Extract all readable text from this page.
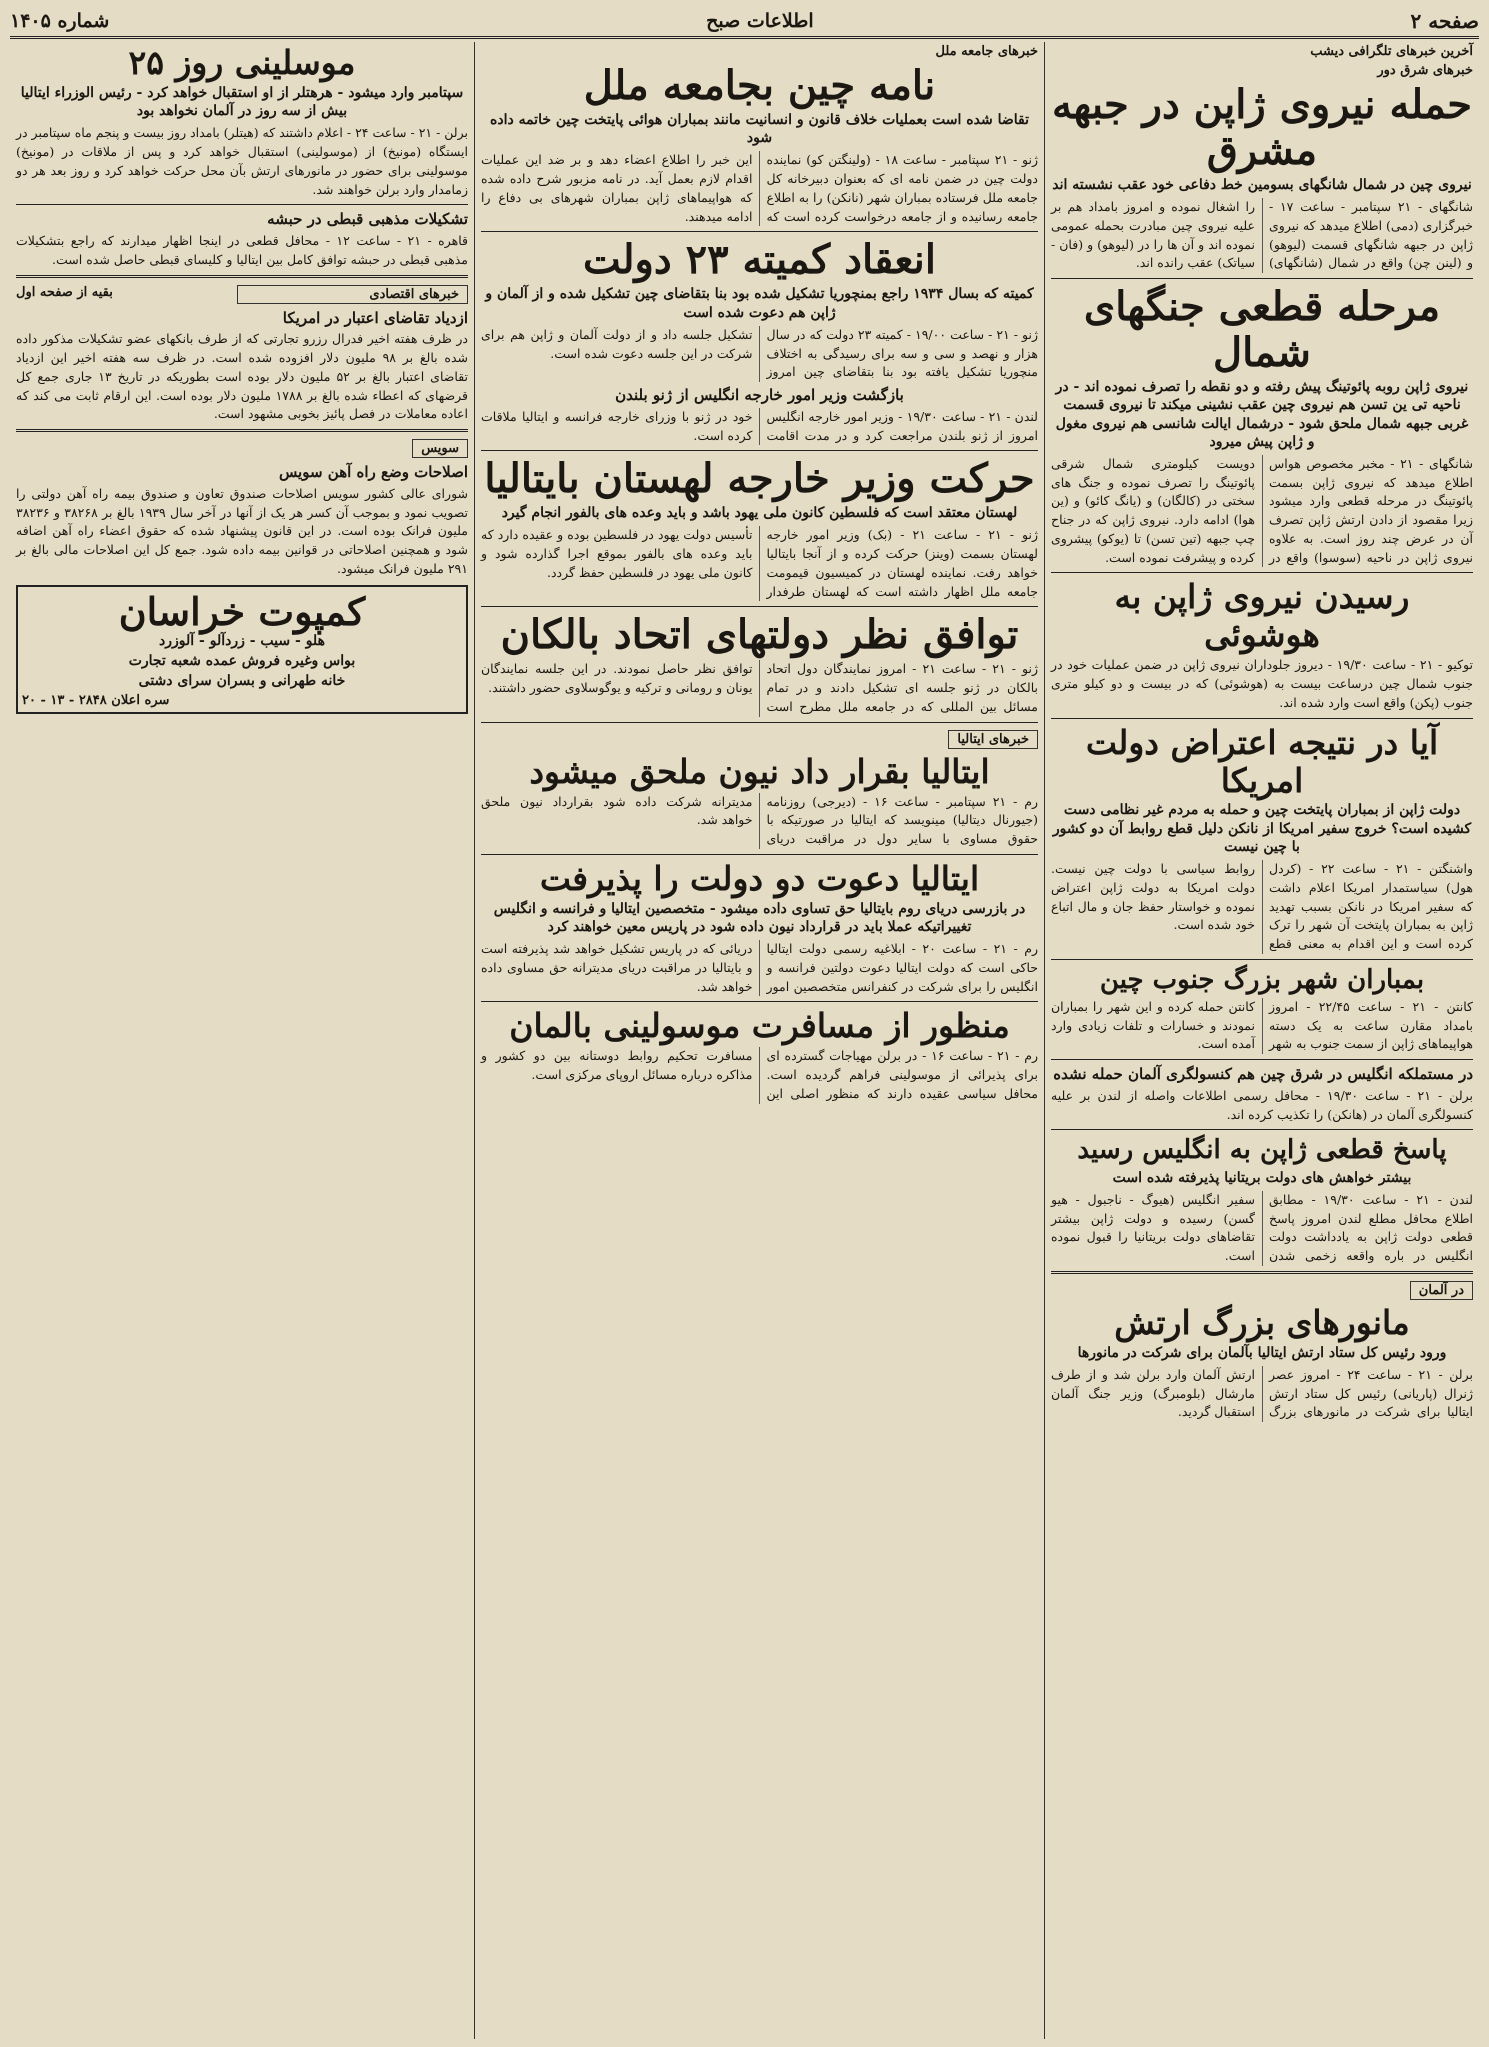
صفحه ۲
اطلاعات صبح
شماره ۱۴۰۵
آخرین خبرهای تلگرافی دیشب
خبرهای شرق دور
حمله نیروی ژاپن در جبهه مشرق
نیروی چین در شمال شانگهای بسومین خط دفاعی خود عقب نشسته اند
شانگهای - ۲۱ سپتامبر - ساعت ۱۷ - خبرگزاری (دمی) اطلاع میدهد که نیروی ژاپن در جبهه شانگهای قسمت (لیوهو) و (لینن چن) واقع در شمال (شانگهای) را اشغال نموده و امروز بامداد هم بر علیه نیروی چین مبادرت بحمله عمومی نموده اند و آن ها را در (لیوهو) و (فان - سیاتک) عقب رانده اند.
مرحله قطعی جنگهای شمال
نیروی ژاپن روبه پائوتینگ پیش رفته و دو نقطه را تصرف نموده اند - در ناحیه تی ین تسن هم نیروی چین عقب نشینی میکند تا نیروی قسمت غربی جبهه شمال ملحق شود - درشمال ایالت شانسی هم نیروی مغول و ژاپن پیش میرود
شانگهای - ۲۱ - مخبر مخصوص هواس اطلاع میدهد که نیروی ژاپن بسمت پائوتینگ در مرحله قطعی وارد میشود زیرا مقصود از دادن ارتش ژاپن تصرف آن در عرض چند روز است. به علاوه نیروی ژاپن در ناحیه (سوسوا) واقع در دویست کیلومتری شمال شرقی پائوتینگ را تصرف نموده و جنگ های سختی در (کالگان) و (یانگ کائو) و (ین هوا) ادامه دارد. نیروی ژاپن که در جناح چپ جبهه (تین تسن) تا (یوکو) پیشروی کرده و پیشرفت نموده است.
رسیدن نیروی ژاپن به هوشوئی
توکیو - ۲۱ - ساعت ۱۹/۳۰ - دیروز جلوداران نیروی ژاپن در ضمن عملیات خود در جنوب شمال چین درساعت بیست به (هوشوئی) که در بیست و دو کیلو متری جنوب (پکن) واقع است وارد شده اند.
آیا در نتیجه اعتراض دولت امریکا
دولت ژاپن از بمباران پایتخت چین و حمله به مردم غیر نظامی دست کشیده است؟ خروج سفیر امریکا از نانکن دلیل قطع روابط آن دو کشور با چین نیست
واشنگتن - ۲۱ - ساعت ۲۲ - (کردل هول) سیاستمدار امریکا اعلام داشت که سفیر امریکا در نانکن بسبب تهدید ژاپن به بمباران پایتخت آن شهر را ترک کرده است و این اقدام به معنی قطع روابط سیاسی با دولت چین نیست. دولت امریکا به دولت ژاپن اعتراض نموده و خواستار حفظ جان و مال اتباع خود شده است.
بمباران شهر بزرگ جنوب چین
کانتن - ۲۱ - ساعت ۲۲/۴۵ - امروز بامداد مقارن ساعت به یک دسته هواپیماهای ژاپن از سمت جنوب به شهر کانتن حمله کرده و این شهر را بمباران نمودند و خسارات و تلفات زیادی وارد آمده است.
در مستملکه انگلیس در شرق چین هم کنسولگری آلمان حمله نشده
برلن - ۲۱ - ساعت ۱۹/۳۰ - محافل رسمی اطلاعات واصله از لندن بر علیه کنسولگری آلمان در (هانکن) را تکذیب کرده اند.
پاسخ قطعی ژاپن به انگلیس رسید
بیشتر خواهش های دولت بریتانیا پذیرفته شده است
لندن - ۲۱ - ساعت ۱۹/۳۰ - مطابق اطلاع محافل مطلع لندن امروز پاسخ قطعی دولت ژاپن به یادداشت دولت انگلیس در باره واقعه زخمی شدن سفیر انگلیس (هیوگ - ناجبول - هیو گسن) رسیده و دولت ژاپن بیشتر تقاضاهای دولت بریتانیا را قبول نموده است.
در آلمان
مانورهای بزرگ ارتش
ورود رئیس کل ستاد ارتش ایتالیا بآلمان برای شرکت در مانورها
برلن - ۲۱ - ساعت ۲۴ - امروز عصر ژنرال (پاریانی) رئیس کل ستاد ارتش ایتالیا برای شرکت در مانورهای بزرگ ارتش آلمان وارد برلن شد و از طرف مارشال (بلومبرگ) وزیر جنگ آلمان استقبال گردید.
خبرهای جامعه ملل
نامه چین بجامعه ملل
تقاضا شده است بعملیات خلاف قانون و انسانیت مانند بمباران هوائی پایتخت چین خاتمه داده شود
ژنو - ۲۱ سپتامبر - ساعت ۱۸ - (ولینگتن کو) نماینده دولت چین در ضمن نامه ای که بعنوان دبیرخانه کل جامعه ملل فرستاده بمباران شهر (نانکن) را به اطلاع جامعه رسانیده و از جامعه درخواست کرده است که این خبر را اطلاع اعضاء دهد و بر ضد این عملیات اقدام لازم بعمل آید. در نامه مزبور شرح داده شده که هواپیماهای ژاپن بمباران شهرهای بی دفاع را ادامه میدهند.
انعقاد کمیته ۲۳ دولت
کمیته که بسال ۱۹۳۴ راجع بمنچوریا تشکیل شده بود بنا بتقاضای چین تشکیل شده و از آلمان و ژاپن هم دعوت شده است
ژنو - ۲۱ - ساعت ۱۹/۰۰ - کمیته ۲۳ دولت که در سال هزار و نهصد و سی و سه برای رسیدگی به اختلاف منچوریا تشکیل یافته بود بنا بتقاضای چین امروز تشکیل جلسه داد و از دولت آلمان و ژاپن هم برای شرکت در این جلسه دعوت شده است.
بازگشت وزیر امور خارجه انگلیس از ژنو بلندن
لندن - ۲۱ - ساعت ۱۹/۳۰ - وزیر امور خارجه انگلیس امروز از ژنو بلندن مراجعت کرد و در مدت اقامت خود در ژنو با وزرای خارجه فرانسه و ایتالیا ملاقات کرده است.
حرکت وزیر خارجه لهستان بایتالیا
لهستان معتقد است که فلسطین کانون ملی یهود باشد و باید وعده های بالفور انجام گیرد
ژنو - ۲۱ - ساعت ۲۱ - (بک) وزیر امور خارجه لهستان بسمت (وینز) حرکت کرده و از آنجا بایتالیا خواهد رفت. نماینده لهستان در کمیسیون قیمومت جامعه ملل اظهار داشته است که لهستان طرفدار تأسیس دولت یهود در فلسطین بوده و عقیده دارد که باید وعده های بالفور بموقع اجرا گذارده شود و کانون ملی یهود در فلسطین حفظ گردد.
توافق نظر دولتهای اتحاد بالکان
ژنو - ۲۱ - ساعت ۲۱ - امروز نمایندگان دول اتحاد بالکان در ژنو جلسه ای تشکیل دادند و در تمام مسائل بین المللی که در جامعه ملل مطرح است توافق نظر حاصل نمودند. در این جلسه نمایندگان یونان و رومانی و ترکیه و یوگوسلاوی حضور داشتند.
خبرهای ایتالیا
ایتالیا بقرار داد نیون ملحق میشود
رم - ۲۱ سپتامبر - ساعت ۱۶ - (دیرجی) روزنامه (جیورنال دیتالیا) مینویسد که ایتالیا در صورتیکه با حقوق مساوی با سایر دول در مراقبت دریای مدیترانه شرکت داده شود بقرارداد نیون ملحق خواهد شد.
ایتالیا دعوت دو دولت را پذیرفت
در بازرسی دریای روم بایتالیا حق تساوی داده میشود - متخصصین ایتالیا و فرانسه و انگلیس تغییراتیکه عملا باید در قرارداد نیون داده شود در پاریس معین خواهند کرد
رم - ۲۱ - ساعت ۲۰ - ابلاغیه رسمی دولت ایتالیا حاکی است که دولت ایتالیا دعوت دولتین فرانسه و انگلیس را برای شرکت در کنفرانس متخصصین امور دریائی که در پاریس تشکیل خواهد شد پذیرفته است و بایتالیا در مراقبت دریای مدیترانه حق مساوی داده خواهد شد.
منظور از مسافرت موسولینی بالمان
رم - ۲۱ - ساعت ۱۶ - در برلن مهیاجات گسترده ای برای پذیرائی از موسولینی فراهم گردیده است. محافل سیاسی عقیده دارند که منظور اصلی این مسافرت تحکیم روابط دوستانه بین دو کشور و مذاکره درباره مسائل اروپای مرکزی است.
موسلینی روز ۲۵
سپتامبر وارد میشود - هرهتلر از او استقبال خواهد کرد - رئیس الوزراء ایتالیا بیش از سه روز در آلمان نخواهد بود
برلن - ۲۱ - ساعت ۲۴ - اعلام داشتند که (هیتلر) بامداد روز بیست و پنجم ماه سپتامبر در ایستگاه (مونیخ) از (موسولینی) استقبال خواهد کرد و پس از ملاقات در (مونیخ) موسولینی برای حضور در مانورهای ارتش بآن محل حرکت خواهد کرد و روز بعد هر دو زمامدار وارد برلن خواهند شد.
تشکیلات مذهبی قبطی در حبشه
قاهره - ۲۱ - ساعت ۱۲ - محافل قطعی در اینجا اظهار میدارند که راجع بتشکیلات مذهبی قبطی در حبشه توافق کامل بین ایتالیا و کلیسای قبطی حاصل شده است.
خبرهای اقتصادی
بقیه از صفحه اول
ازدیاد تقاضای اعتبار در امریکا
در ظرف هفته اخیر فدرال رزرو تجارتی که از طرف بانکهای عضو تشکیلات مذکور داده شده بالغ بر ۹۸ ملیون دلار افزوده شده است. در ظرف سه هفته اخیر این ازدیاد تقاضای اعتبار بالغ بر ۵۲ ملیون دلار بوده است بطوریکه در تاریخ ۱۳ جاری جمع کل قرضهای که اعطاء شده بالغ بر ۱۷۸۸ ملیون دلار بوده است. این ارقام ثابت می کند که اعاده معاملات در فصل پائیز بخوبی مشهود است.
سویس
اصلاحات وضع راه آهن سویس
شورای عالی کشور سویس اصلاحات صندوق تعاون و صندوق بیمه راه آهن دولتی را تصویب نمود و بموجب آن کسر هر یک از آنها در آخر سال ۱۹۳۹ بالغ بر ۳۸۲۶۸ و ۳۸۲۳۶ ملیون فرانک بوده است. در این قانون پیشنهاد شده که حقوق اعضاء راه آهن اضافه شود و همچنین اصلاحاتی در قوانین بیمه داده شود. جمع کل این اصلاحات مالی بالغ بر ۲۹۱ ملیون فرانک میشود.
کمپوت خراسان
هلو - سیب - زردآلو - آلوزرد
بواس وغیره فروش عمده شعبه تجارت
خانه طهرانی و بسران سرای دشتی
سره اعلان ۲۸۴۸ - ۱۳ - ۲۰
